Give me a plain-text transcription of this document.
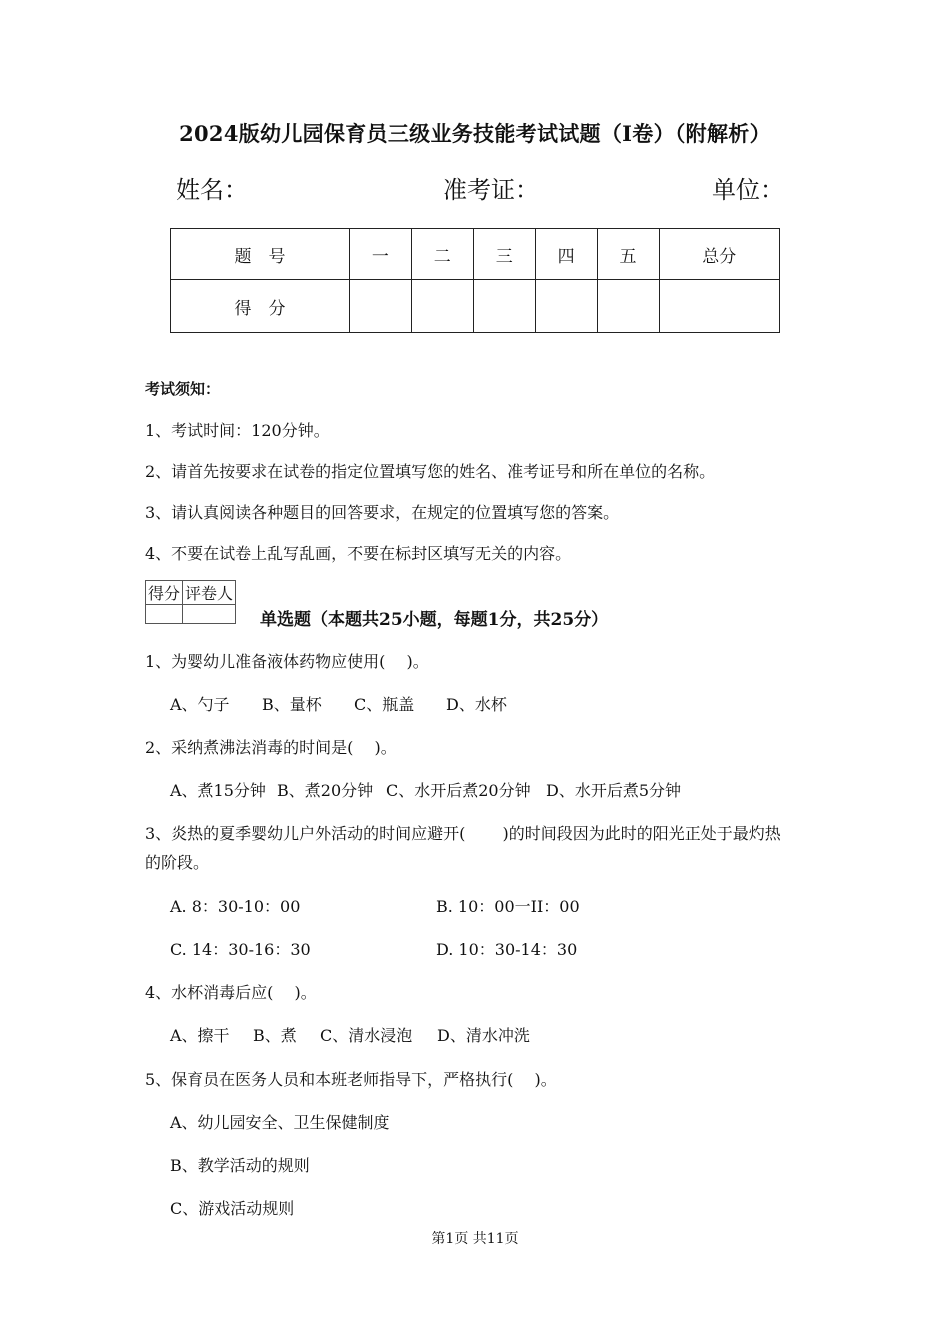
2024版幼儿园保育员三级业务技能考试试题（I卷）（附解析）
姓名：	准考证：	单位：
题　号	一	二	三	四	五	总分
得　分						
考试须知：
1、考试时间：120分钟。
2、请首先按要求在试卷的指定位置填写您的姓名、准考证号和所在单位的名称。
3、请认真阅读各种题目的回答要求，在规定的位置填写您的答案。
4、不要在试卷上乱写乱画，不要在标封区填写无关的内容。
得分	评卷人

单选题（本题共25小题，每题1分，共25分）
1、为婴幼儿准备液体药物应使用(　 )。
A、勺子 B、量杯 C、瓶盖 D、水杯
2、采纳煮沸法消毒的时间是(　 )。
A、煮15分钟 B、煮20分钟 C、水开后煮20分钟 D、水开后煮5分钟
3、炎热的夏季婴幼儿户外活动的时间应避开(　　 )的时间段因为此时的阳光正处于最灼热
的阶段。
A. 8：30-10：00	B. 10：00一II：00
C. 14：30-16：30	D. 10：30-14：30
4、水杯消毒后应(　 )。
A、擦干 B、煮 C、清水浸泡 D、清水冲洗
5、保育员在医务人员和本班老师指导下，严格执行(　 )。
A、幼儿园安全、卫生保健制度
B、教学活动的规则
C、游戏活动规则
第1页 共11页
